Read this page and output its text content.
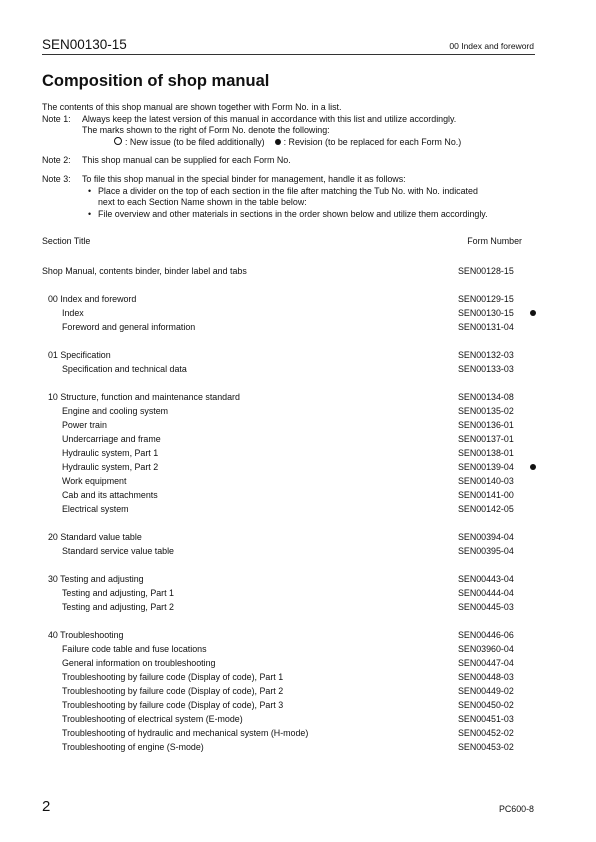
SEN00130-15	00 Index and foreword
Composition of shop manual
The contents of this shop manual are shown together with Form No. in a list.
Note 1:	Always keep the latest version of this manual in accordance with this list and utilize accordingly.
The marks shown to the right of Form No. denote the following:
: New issue (to be filed additionally) : Revision (to be replaced for each Form No.)
Note 2:	This shop manual can be supplied for each Form No.
Note 3:	To file this shop manual in the special binder for management, handle it as follows:
• Place a divider on the top of each section in the file after matching the Tub No. with No. indicated
next to each Section Name shown in the table below:
• File overview and other materials in sections in the order shown below and utilize them accordingly.
Section Title	Form Number
Shop Manual, contents binder, binder label and tabs	SEN00128-15
00 Index and foreword	SEN00129-15
Index	SEN00130-15
Foreword and general information	SEN00131-04
01 Specification	SEN00132-03
Specification and technical data	SEN00133-03
10 Structure, function and maintenance standard	SEN00134-08
Engine and cooling system	SEN00135-02
Power train	SEN00136-01
Undercarriage and frame	SEN00137-01
Hydraulic system, Part 1	SEN00138-01
Hydraulic system, Part 2	SEN00139-04
Work equipment	SEN00140-03
Cab and its attachments	SEN00141-00
Electrical system	SEN00142-05
20 Standard value table	SEN00394-04
Standard service value table	SEN00395-04
30 Testing and adjusting	SEN00443-04
Testing and adjusting, Part 1	SEN00444-04
Testing and adjusting, Part 2	SEN00445-03
40 Troubleshooting	SEN00446-06
Failure code table and fuse locations	SEN03960-04
General information on troubleshooting	SEN00447-04
Troubleshooting by failure code (Display of code), Part 1	SEN00448-03
Troubleshooting by failure code (Display of code), Part 2	SEN00449-02
Troubleshooting by failure code (Display of code), Part 3	SEN00450-02
Troubleshooting of electrical system (E-mode)	SEN00451-03
Troubleshooting of hydraulic and mechanical system (H-mode)	SEN00452-02
Troubleshooting of engine (S-mode)	SEN00453-02
2	PC600-8
